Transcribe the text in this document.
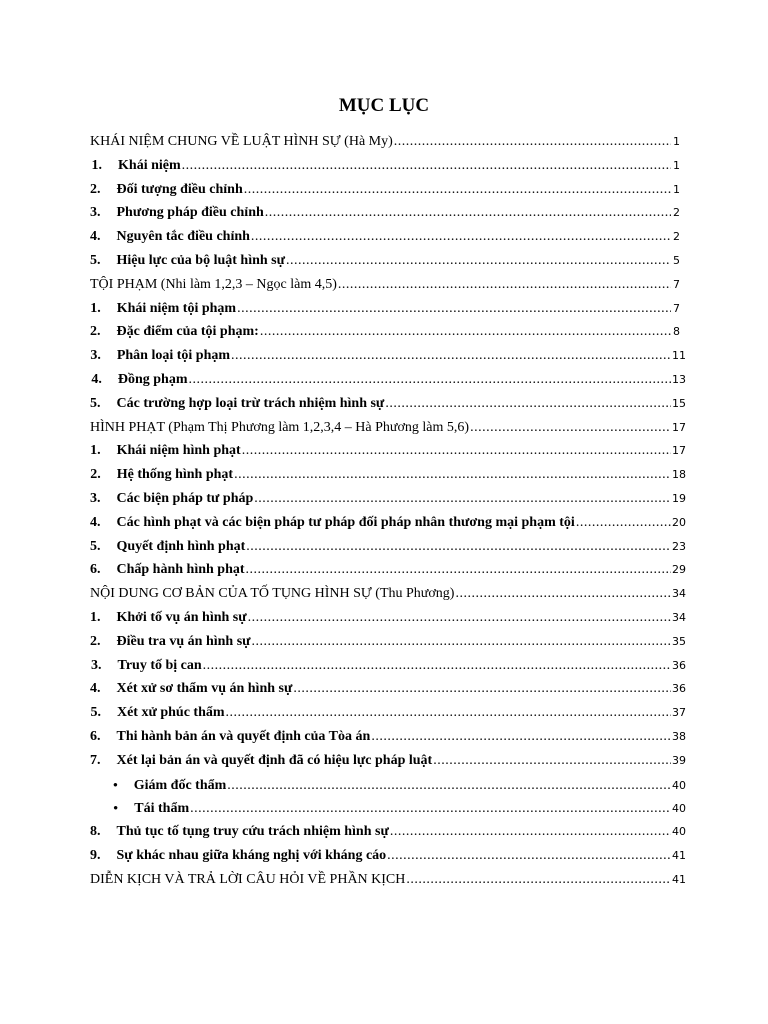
MỤC LỤC
KHÁI NIỆM CHUNG VỀ LUẬT HÌNH SỰ (Hà My) .....	1
1. Khái niệm .....	1
2. Đối tượng điều chỉnh .....	1
3. Phương pháp điều chỉnh .....	2
4. Nguyên tắc điều chỉnh .....	2
5. Hiệu lực của bộ luật hình sự .....	5
TỘI PHẠM (Nhi làm 1,2,3 – Ngọc làm 4,5) .....	7
1. Khái niệm tội phạm .....	7
2. Đặc điểm của tội phạm: .....	8
3. Phân loại tội phạm .....	11
4. Đồng phạm .....	13
5. Các trường hợp loại trừ trách nhiệm hình sự .....	15
HÌNH PHẠT (Phạm Thị Phương làm 1,2,3,4 – Hà Phương làm 5,6) .....	17
1. Khái niệm hình phạt .....	17
2. Hệ thống hình phạt .....	18
3. Các biện pháp tư pháp .....	19
4. Các hình phạt và các biện pháp tư pháp đối pháp nhân thương mại phạm tội .....	20
5. Quyết định hình phạt .....	23
6. Chấp hành hình phạt .....	29
NỘI DUNG CƠ BẢN CỦA TỐ TỤNG HÌNH SỰ (Thu Phương) .....	34
1. Khởi tố vụ án hình sự .....	34
2. Điều tra vụ án hình sự .....	35
3. Truy tố bị can .....	36
4. Xét xử sơ thẩm vụ án hình sự .....	36
5. Xét xử phúc thẩm .....	37
6. Thi hành bản án và quyết định của Tòa án .....	38
7. Xét lại bản án và quyết định đã có hiệu lực pháp luật .....	39
• Giám đốc thẩm .....	40
• Tái thẩm .....	40
8. Thủ tục tố tụng truy cứu trách nhiệm hình sự .....	40
9. Sự khác nhau giữa kháng nghị với kháng cáo .....	41
DIỄN KỊCH VÀ TRẢ LỜI CÂU HỎI VỀ PHẦN KỊCH .....	41
